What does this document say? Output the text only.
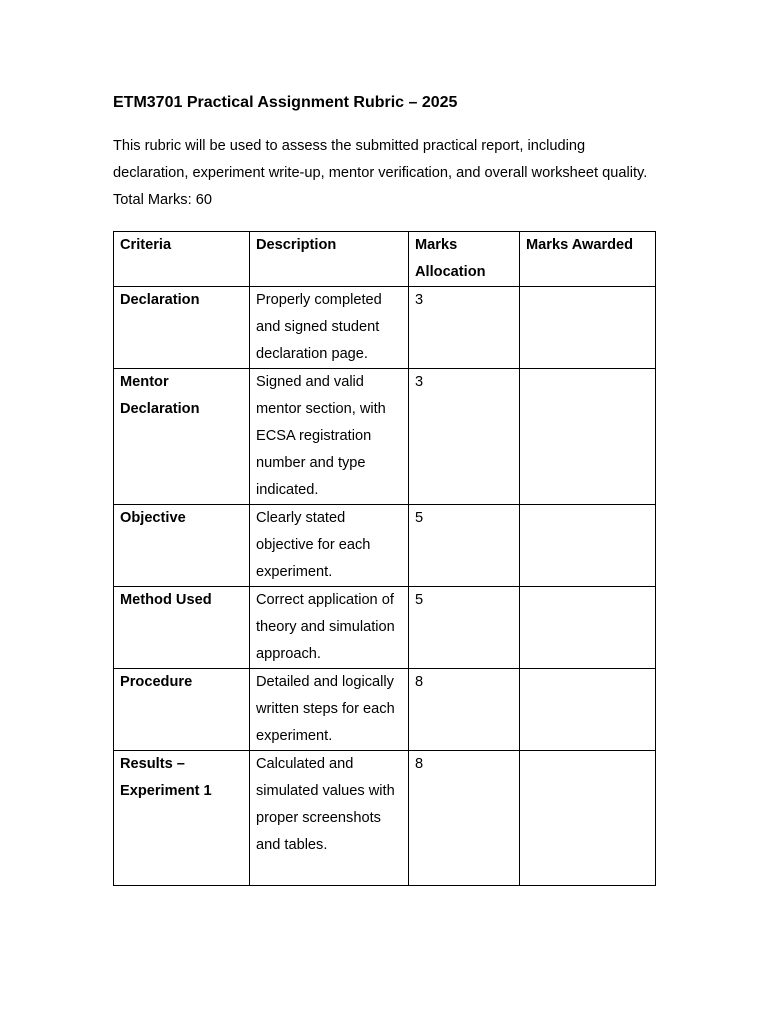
ETM3701 Practical Assignment Rubric – 2025

This rubric will be used to assess the submitted practical report, including declaration, experiment write-up, mentor verification, and overall worksheet quality.

Total Marks: 60

Criteria	Description	Marks Allocation	Marks Awarded
Declaration	Properly completed and signed student declaration page.	3	
Mentor Declaration	Signed and valid mentor section, with ECSA registration number and type indicated.	3	
Objective	Clearly stated objective for each experiment.	5	
Method Used	Correct application of theory and simulation approach.	5	
Procedure	Detailed and logically written steps for each experiment.	8	
Results – Experiment 1	Calculated and simulated values with proper screenshots and tables.	8	
